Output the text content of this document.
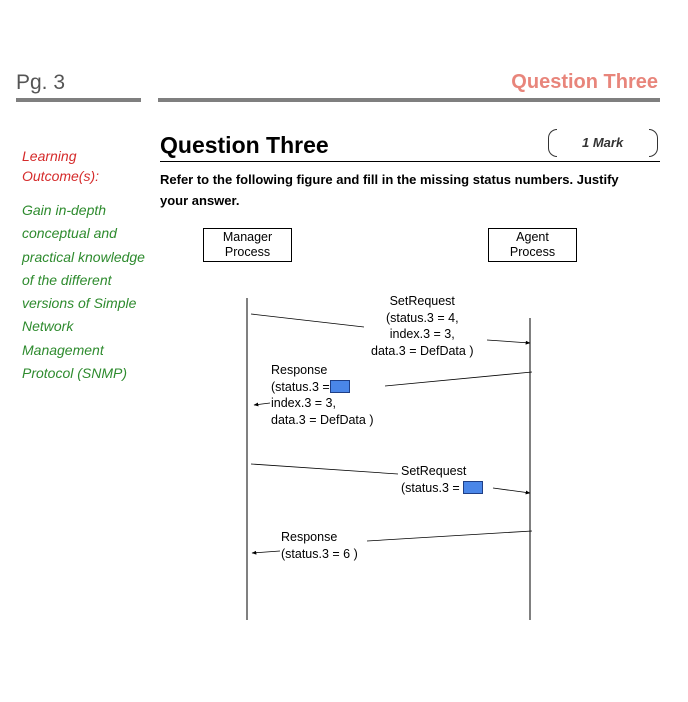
Pg. 3	Question Three
Learning Outcome(s):
Gain in-depth conceptual and practical knowledge of the different versions of Simple Network Management Protocol (SNMP)
Question Three	1 Mark
Refer to the following figure and fill in the missing status numbers. Justify your answer.
Manager
Process
Agent
Process
SetRequest
(status.3 = 4,
index.3 = 3,
data.3 = DefData )
Response
(status.3 =
index.3 = 3,
data.3 = DefData )
SetRequest
(status.3 =
Response
(status.3 = 6 )
